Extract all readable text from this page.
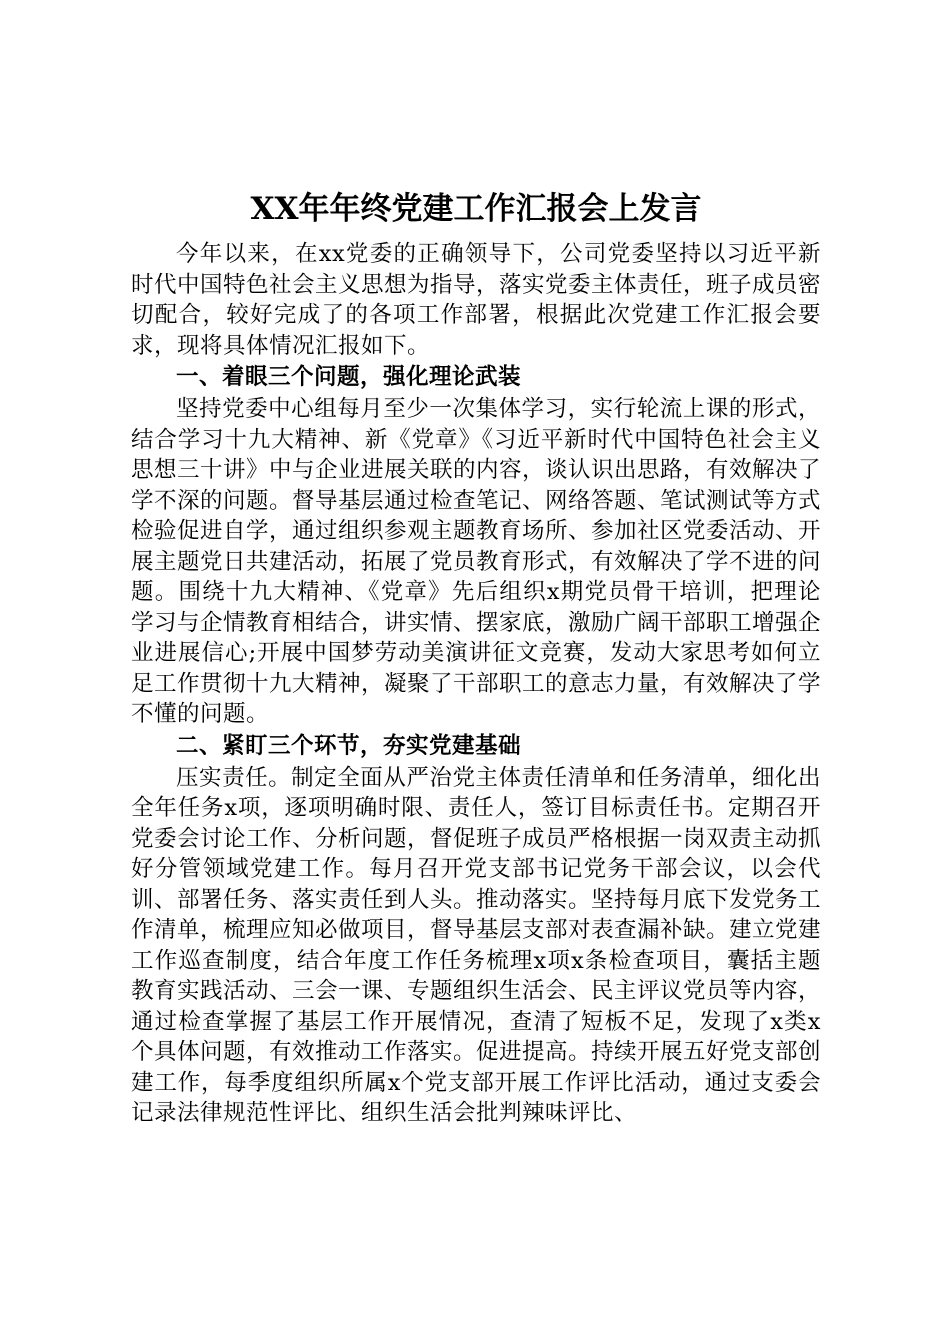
XX年年终党建工作汇报会上发言

今年以来，在xx党委的正确领导下，公司党委坚持以习近平新时代中国特色社会主义思想为指导，落实党委主体责任，班子成员密切配合，较好完成了的各项工作部署，根据此次党建工作汇报会要求，现将具体情况汇报如下。

一、着眼三个问题，强化理论武装

坚持党委中心组每月至少一次集体学习，实行轮流上课的形式，结合学习十九大精神、新《党章》《习近平新时代中国特色社会主义思想三十讲》中与企业进展关联的内容，谈认识出思路，有效解决了学不深的问题。督导基层通过检查笔记、网络答题、笔试测试等方式检验促进自学，通过组织参观主题教育场所、参加社区党委活动、开展主题党日共建活动，拓展了党员教育形式，有效解决了学不进的问题。围绕十九大精神、《党章》先后组织x期党员骨干培训，把理论学习与企情教育相结合，讲实情、摆家底，激励广阔干部职工增强企业进展信心;开展中国梦劳动美演讲征文竞赛，发动大家思考如何立足工作贯彻十九大精神，凝聚了干部职工的意志力量，有效解决了学不懂的问题。

二、紧盯三个环节，夯实党建基础

压实责任。制定全面从严治党主体责任清单和任务清单，细化出全年任务x项，逐项明确时限、责任人，签订目标责任书。定期召开党委会讨论工作、分析问题，督促班子成员严格根据一岗双责主动抓好分管领域党建工作。每月召开党支部书记党务干部会议，以会代训、部署任务、落实责任到人头。推动落实。坚持每月底下发党务工作清单，梳理应知必做项目，督导基层支部对表查漏补缺。建立党建工作巡查制度，结合年度工作任务梳理x项x条检查项目，囊括主题教育实践活动、三会一课、专题组织生活会、民主评议党员等内容，通过检查掌握了基层工作开展情况，查清了短板不足，发现了x类x个具体问题，有效推动工作落实。促进提高。持续开展五好党支部创建工作，每季度组织所属x个党支部开展工作评比活动，通过支委会记录法律规范性评比、组织生活会批判辣味评比、
